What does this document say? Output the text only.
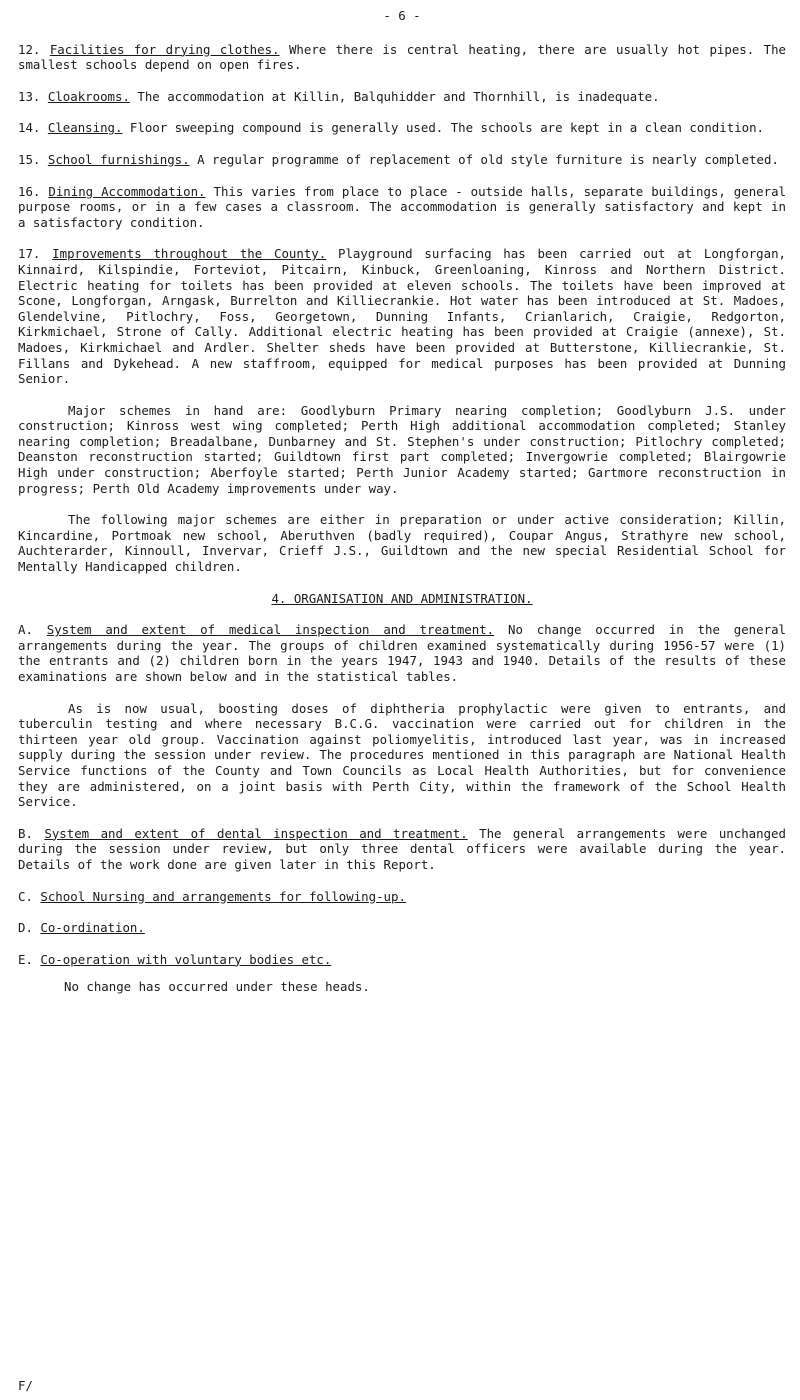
- 6 -

12. Facilities for drying clothes. Where there is central heating, there are usually hot pipes. The smallest schools depend on open fires.

13. Cloakrooms. The accommodation at Killin, Balquhidder and Thornhill, is inadequate.

14. Cleansing. Floor sweeping compound is generally used. The schools are kept in a clean condition.

15. School furnishings. A regular programme of replacement of old style furniture is nearly completed.

16. Dining Accommodation. This varies from place to place - outside halls, separate buildings, general purpose rooms, or in a few cases a classroom. The accommodation is generally satisfactory and kept in a satisfactory condition.

17. Improvements throughout the County. Playground surfacing has been carried out at Longforgan, Kinnaird, Kilspindie, Forteviot, Pitcairn, Kinbuck, Greenloaning, Kinross and Northern District. Electric heating for toilets has been provided at eleven schools. The toilets have been improved at Scone, Longforgan, Arngask, Burrelton and Killiecrankie. Hot water has been introduced at St. Madoes, Glendelvine, Pitlochry, Foss, Georgetown, Dunning Infants, Crianlarich, Craigie, Redgorton, Kirkmichael, Strone of Cally. Additional electric heating has been provided at Craigie (annexe), St. Madoes, Kirkmichael and Ardler. Shelter sheds have been provided at Butterstone, Killiecrankie, St. Fillans and Dykehead. A new staffroom, equipped for medical purposes has been provided at Dunning Senior.

Major schemes in hand are: Goodlyburn Primary nearing completion; Goodlyburn J.S. under construction; Kinross west wing completed; Perth High additional accommodation completed; Stanley nearing completion; Breadalbane, Dunbarney and St. Stephen's under construction; Pitlochry completed; Deanston reconstruction started; Guildtown first part completed; Invergowrie completed; Blairgowrie High under construction; Aberfoyle started; Perth Junior Academy started; Gartmore reconstruction in progress; Perth Old Academy improvements under way.

The following major schemes are either in preparation or under active consideration; Killin, Kincardine, Portmoak new school, Aberuthven (badly required), Coupar Angus, Strathyre new school, Auchterarder, Kinnoull, Invervar, Crieff J.S., Guildtown and the new special Residential School for Mentally Handicapped children.

4. ORGANISATION AND ADMINISTRATION.

A. System and extent of medical inspection and treatment. No change occurred in the general arrangements during the year. The groups of children examined systematically during 1956-57 were (1) the entrants and (2) children born in the years 1947, 1943 and 1940. Details of the results of these examinations are shown below and in the statistical tables.

As is now usual, boosting doses of diphtheria prophylactic were given to entrants, and tuberculin testing and where necessary B.C.G. vaccination were carried out for children in the thirteen year old group. Vaccination against poliomyelitis, introduced last year, was in increased supply during the session under review. The procedures mentioned in this paragraph are National Health Service functions of the County and Town Councils as Local Health Authorities, but for convenience they are administered, on a joint basis with Perth City, within the framework of the School Health Service.

B. System and extent of dental inspection and treatment. The general arrangements were unchanged during the session under review, but only three dental officers were available during the year. Details of the work done are given later in this Report.

C. School Nursing and arrangements for following-up.

D. Co-ordination.

E. Co-operation with voluntary bodies etc.

No change has occurred under these heads.

F/
